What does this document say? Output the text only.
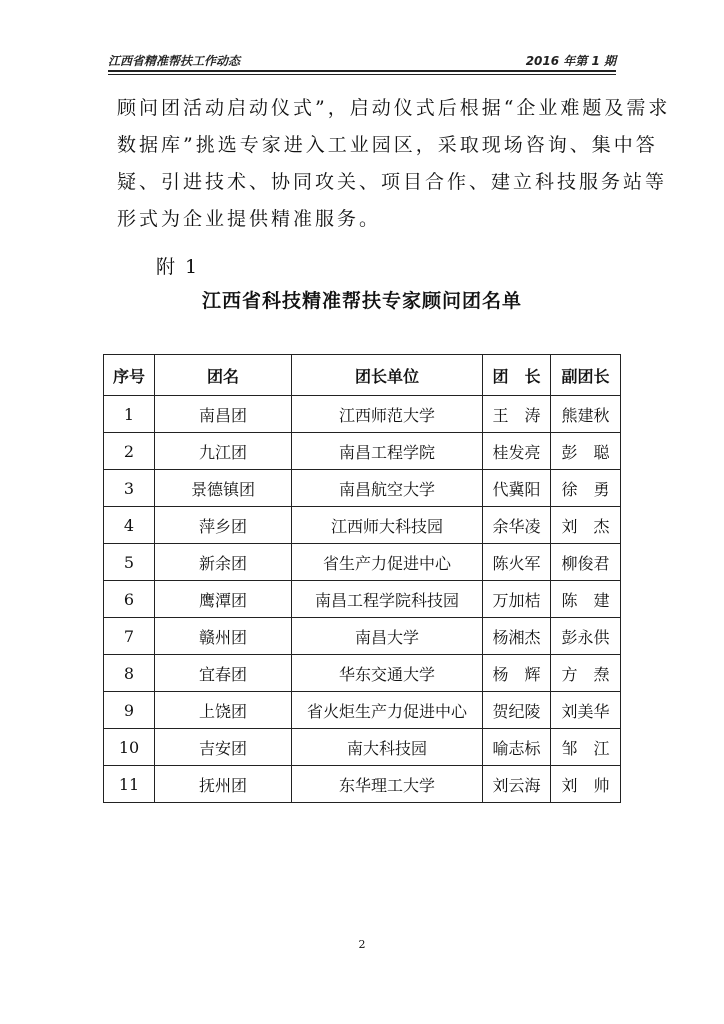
江西省精准帮扶工作动态	2016 年第 1 期
顾问团活动启动仪式”，启动仪式后根据“企业难题及需求
数据库”挑选专家进入工业园区，采取现场咨询、集中答
疑、引进技术、协同攻关、项目合作、建立科技服务站等
形式为企业提供精准服务。
附 1
江西省科技精准帮扶专家顾问团名单
序号	团名	团长单位	团　长	副团长
1	南昌团	江西师范大学	王　涛	熊建秋
2	九江团	南昌工程学院	桂发亮	彭　聪
3	景德镇团	南昌航空大学	代冀阳	徐　勇
4	萍乡团	江西师大科技园	余华凌	刘　杰
5	新余团	省生产力促进中心	陈火军	柳俊君
6	鹰潭团	南昌工程学院科技园	万加桔	陈　建
7	赣州团	南昌大学	杨湘杰	彭永供
8	宜春团	华东交通大学	杨　辉	方　焘
9	上饶团	省火炬生产力促进中心	贺纪陵	刘美华
10	吉安团	南大科技园	喻志标	邹　江
11	抚州团	东华理工大学	刘云海	刘　帅
2
